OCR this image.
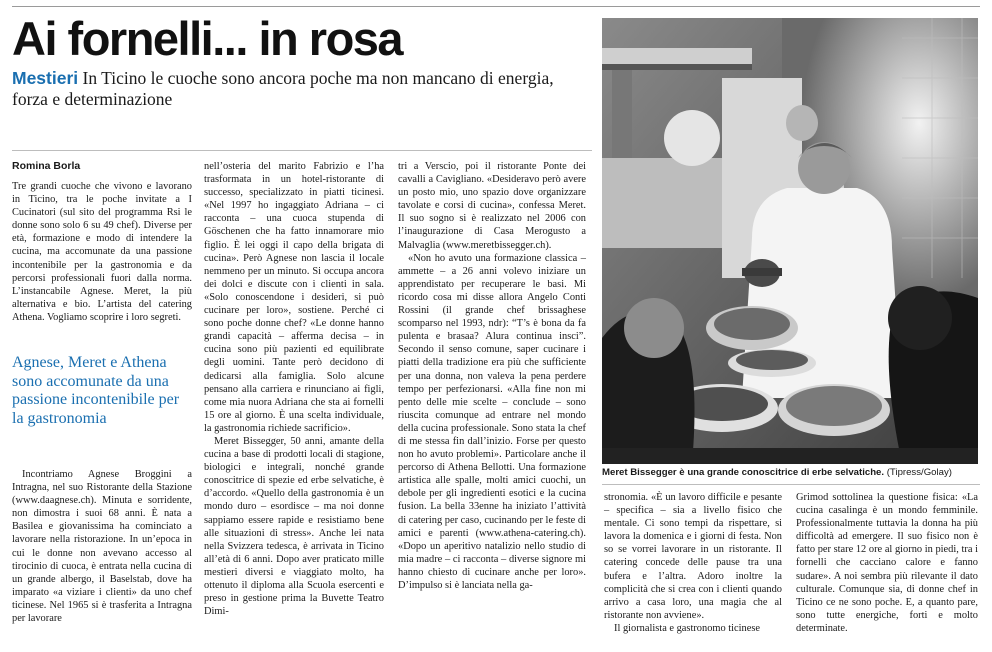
Ai fornelli... in rosa

Mestieri In Ticino le cuoche sono ancora poche ma non mancano di energia, forza e determinazione

Romina Borla

Tre grandi cuoche che vivono e lavorano in Ticino, tra le poche invitate a I Cucinatori (sul sito del programma Rsi le donne sono solo 6 su 49 chef). Diverse per età, formazione e modo di intendere la cucina, ma accomunate da una passione incontenibile per la gastronomia e da percorsi professionali fuori dalla norma. L’instancabile Agnese. Meret, la più alternativa e bio. L’artista del catering Athena. Vogliamo scoprire i loro segreti.

Agnese, Meret e Athena sono accomunate da una passione incontenibile per la gastronomia

Incontriamo Agnese Broggini a Intragna, nel suo Ristorante della Stazione (www.daagnese.ch). Minuta e sorridente, non dimostra i suoi 68 anni. È nata a Basilea e giovanissima ha cominciato a lavorare nella ristorazione. In un’epoca in cui le donne non avevano accesso al tirocinio di cuoca, è entrata nella cucina di un grande albergo, il Baselstab, dove ha imparato «a viziare i clienti» da uno chef ticinese. Nel 1965 si è trasferita a Intragna per lavorare

nell’osteria del marito Fabrizio e l’ha trasformata in un hotel-ristorante di successo, specializzato in piatti ticinesi. «Nel 1997 ho ingaggiato Adriana – ci racconta – una cuoca stupenda di Göschenen che ha fatto innamorare mio figlio. È lei oggi il capo della brigata di cucina». Però Agnese non lascia il locale nemmeno per un minuto. Si occupa ancora dei dolci e discute con i clienti in sala. «Solo conoscendone i desideri, si può cucinare per loro», sostiene. Perché ci sono poche donne chef? «Le donne hanno grandi capacità – afferma decisa – in cucina sono più pazienti ed equilibrate degli uomini. Tante però decidono di dedicarsi alla famiglia. Solo alcune pensano alla carriera e rinunciano ai figli, come mia nuora Adriana che sta ai fornelli 15 ore al giorno. È una scelta individuale, la gastronomia richiede sacrificio».

Meret Bissegger, 50 anni, amante della cucina a base di prodotti locali di stagione, biologici e integrali, nonché grande conoscitrice di spezie ed erbe selvatiche, è d’accordo. «Quello della gastronomia è un mondo duro – esordisce – ma noi donne sappiamo essere rapide e resistiamo bene alle situazioni di stress». Anche lei nata nella Svizzera tedesca, è arrivata in Ticino all’età di 6 anni. Dopo aver praticato mille mestieri diversi e viaggiato molto, ha ottenuto il diploma alla Scuola esercenti e preso in gestione prima la Buvette Teatro Dimi-

tri a Verscio, poi il ristorante Ponte dei cavalli a Cavigliano. «Desideravo però avere un posto mio, uno spazio dove organizzare tavolate e corsi di cucina», confessa Meret. Il suo sogno si è realizzato nel 2006 con l’inaugurazione di Casa Merogusto a Malvaglia (www.meretbissegger.ch).

«Non ho avuto una formazione classica – ammette – a 26 anni volevo iniziare un apprendistato per recuperare le basi. Mi ricordo cosa mi disse allora Angelo Conti Rossini (il grande chef brissaghese scomparso nel 1993, ndr): “T’s è bona da fa pulenta e brasaa? Alura continua insci”. Secondo il senso comune, saper cucinare i piatti della tradizione era più che sufficiente per una donna, non valeva la pena perdere tempo per perfezionarsi. «Alla fine non mi pento delle mie scelte – conclude – sono riuscita comunque ad entrare nel mondo della cucina professionale. Sono stata la chef di me stessa fin dall’inizio. Forse per questo non ho avuto problemi». Particolare anche il percorso di Athena Bellotti. Una formazione artistica alle spalle, molti amici cuochi, un debole per gli ingredienti esotici e la cucina fusion. La bella 33enne ha iniziato l’attività di catering per caso, cucinando per le feste di amici e parenti (www.athena-catering.ch). «Dopo un aperitivo natalizio nello studio di mia madre – ci racconta – diverse signore mi hanno chiesto di cucinare anche per loro». D’impulso si è lanciata nella ga-

Meret Bissegger è una grande conoscitrice di erbe selvatiche. (Tipress/Golay)

stronomia. «È un lavoro difficile e pesante – specifica – sia a livello fisico che mentale. Ci sono tempi da rispettare, si lavora la domenica e i giorni di festa. Non so se vorrei lavorare in un ristorante. Il catering concede delle pause tra una bufera e l’altra. Adoro inoltre la complicità che si crea con i clienti quando arrivo a casa loro, una magia che al ristorante non avviene».

Il giornalista e gastronomo ticinese

Grimod sottolinea la questione fisica: «La cucina casalinga è un mondo femminile. Professionalmente tuttavia la donna ha più difficoltà ad emergere. Il suo fisico non è fatto per stare 12 ore al giorno in piedi, tra i fornelli che cacciano calore e fanno sudare». A noi sembra più rilevante il dato culturale. Comunque sia, di donne chef in Ticino ce ne sono poche. E, a quanto pare, sono tutte energiche, forti e molto determinate.
